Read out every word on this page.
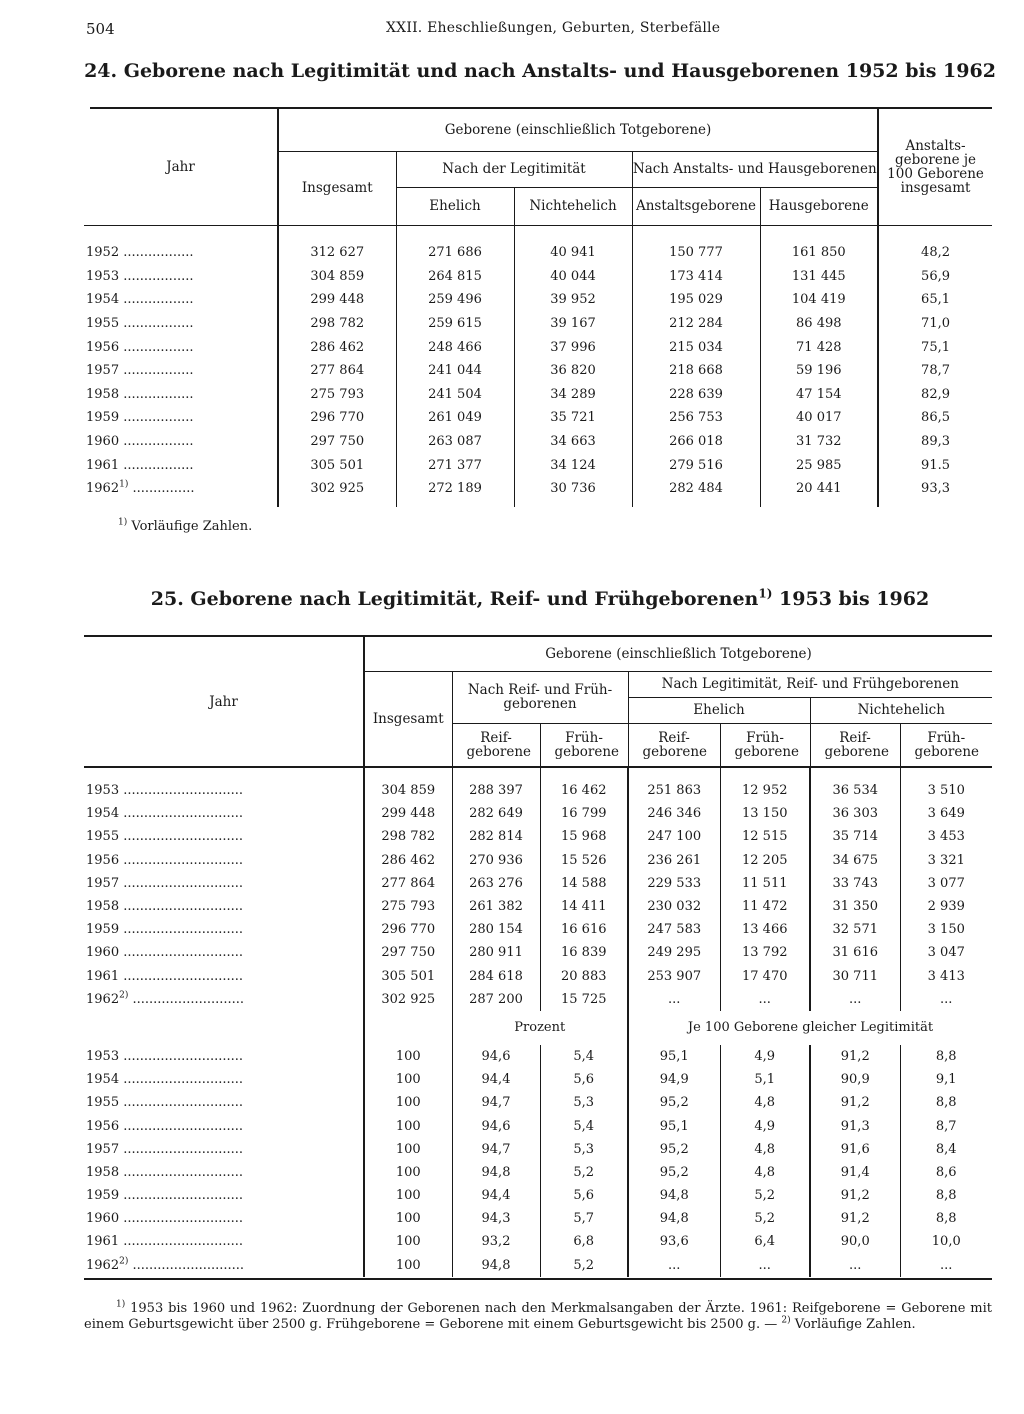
504	XXII. Eheschließungen, Geburten, Sterbefälle
24. Geborene nach Legitimität und nach Anstalts- und Hausgeborenen 1952 bis 1962
Jahr	Geborene (einschließlich Totgeborene)					Anstalts-geborene je 100 Geborene insgesamt
	Insgesamt	Nach der Legitimität		Nach Anstalts- und Hausgeborenen		
		Ehelich	Nichtehelich	Anstaltsgeborene	Hausgeborene	

1952 .................	312 627	271 686	40 941	150 777	161 850	48,2
1953 .................	304 859	264 815	40 044	173 414	131 445	56,9
1954 .................	299 448	259 496	39 952	195 029	104 419	65,1
1955 .................	298 782	259 615	39 167	212 284	86 498	71,0
1956 .................	286 462	248 466	37 996	215 034	71 428	75,1
1957 .................	277 864	241 044	36 820	218 668	59 196	78,7
1958 .................	275 793	241 504	34 289	228 639	47 154	82,9
1959 .................	296 770	261 049	35 721	256 753	40 017	86,5
1960 .................	297 750	263 087	34 663	266 018	31 732	89,3
1961 .................	305 501	271 377	34 124	279 516	25 985	91.5
1962$^{1)}$ ...............	302 925	272 189	30 736	282 484	20 441	93,3

$^{1)}$ Vorläufige Zahlen.
25. Geborene nach Legitimität, Reif- und Frühgeborenen$^{1)}$ 1953 bis 1962
Jahr	Geborene (einschließlich Totgeborene)						
	Insgesamt	Nach Reif- und Früh-geborenen		Nach Legitimität, Reif- und Frühgeborenen			
				Ehelich		Nichtehelich	
		Reif-geborene	Früh-geborene	Reif-geborene	Früh-geborene	Reif-geborene	Früh-geborene

1953 .............................	304 859	288 397	16 462	251 863	12 952	36 534	3 510
1954 .............................	299 448	282 649	16 799	246 346	13 150	36 303	3 649
1955 .............................	298 782	282 814	15 968	247 100	12 515	35 714	3 453
1956 .............................	286 462	270 936	15 526	236 261	12 205	34 675	3 321
1957 .............................	277 864	263 276	14 588	229 533	11 511	33 743	3 077
1958 .............................	275 793	261 382	14 411	230 032	11 472	31 350	2 939
1959 .............................	296 770	280 154	16 616	247 583	13 466	32 571	3 150
1960 .............................	297 750	280 911	16 839	249 295	13 792	31 616	3 047
1961 .............................	305 501	284 618	20 883	253 907	17 470	30 711	3 413
1962$^{2)}$ ...........................	302 925	287 200	15 725	...	...	...	...
		Prozent		Je 100 Geborene gleicher Legitimität			
1953 .............................	100	94,6	5,4	95,1	4,9	91,2	8,8
1954 .............................	100	94,4	5,6	94,9	5,1	90,9	9,1
1955 .............................	100	94,7	5,3	95,2	4,8	91,2	8,8
1956 .............................	100	94,6	5,4	95,1	4,9	91,3	8,7
1957 .............................	100	94,7	5,3	95,2	4,8	91,6	8,4
1958 .............................	100	94,8	5,2	95,2	4,8	91,4	8,6
1959 .............................	100	94,4	5,6	94,8	5,2	91,2	8,8
1960 .............................	100	94,3	5,7	94,8	5,2	91,2	8,8
1961 .............................	100	93,2	6,8	93,6	6,4	90,0	10,0
1962$^{2)}$ ...........................	100	94,8	5,2	...	...	...	...

$^{1)}$ 1953 bis 1960 und 1962: Zuordnung der Geborenen nach den Merkmalsangaben der Ärzte. 1961: Reifgeborene = Geborene mit einem Geburtsgewicht über 2500 g. Frühgeborene = Geborene mit einem Geburtsgewicht bis 2500 g. — $^{2)}$ Vorläufige Zahlen.
